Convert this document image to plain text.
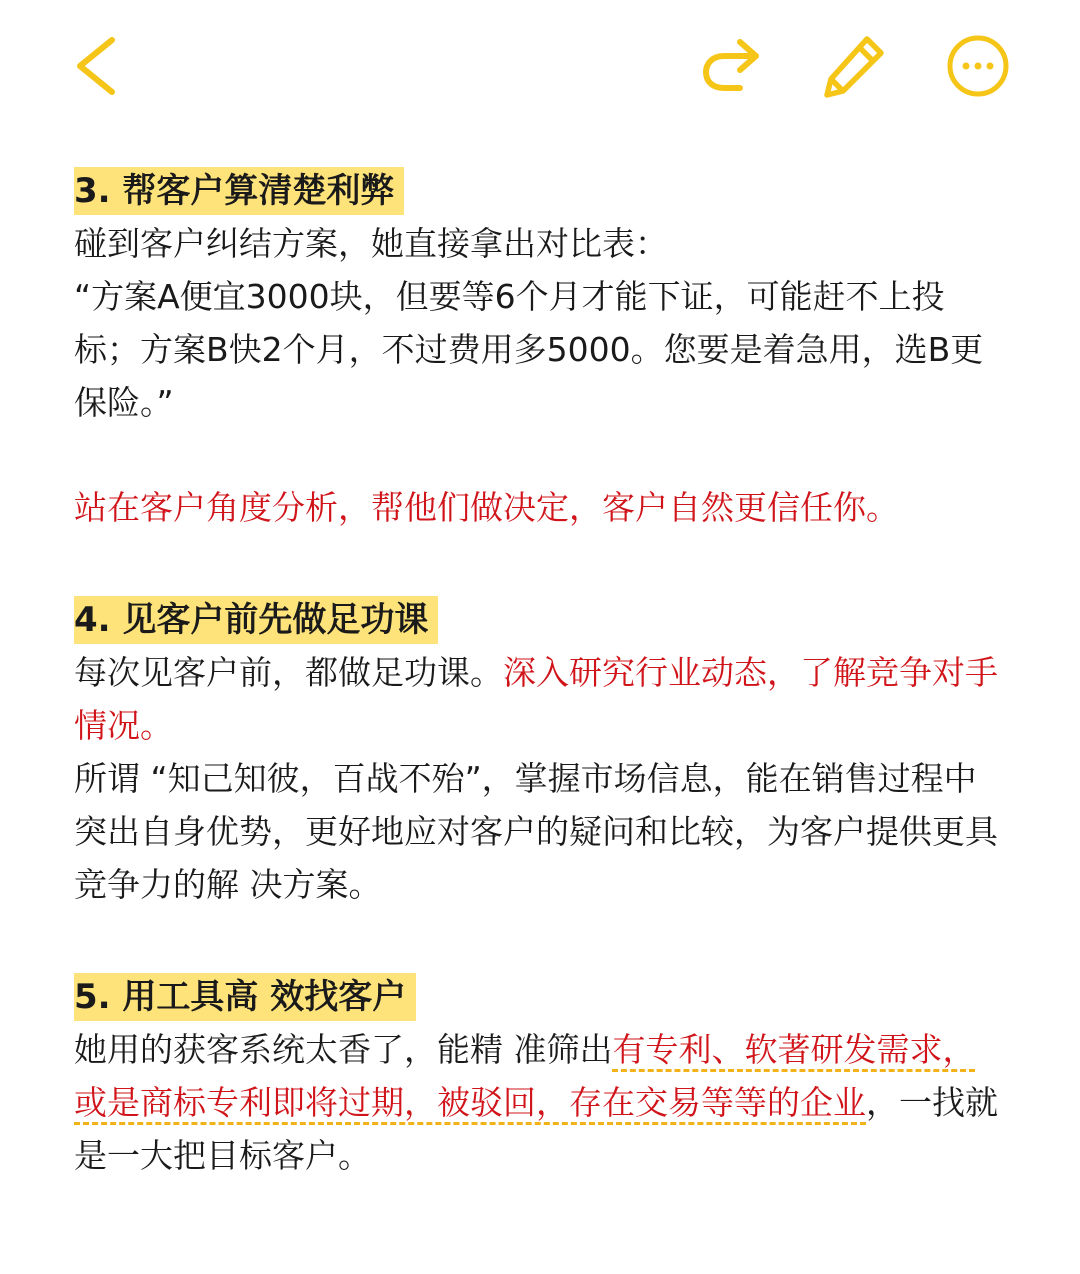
3. 帮客户算清楚利弊

碰到客户纠结方案，她直接拿出对比表：

“方案A便宜3000块，但要等6个月才能下证，可能赶不上投标；方案B快2个月，不过费用多5000。您要是着急用，选B更保险。”

站在客户角度分析，帮他们做决定，客户自然更信任你。

4. 见客户前先做足功课

每次见客户前，都做足功课。深入研究行业动态，了解竞争对手情况。

所谓 “知己知彼，百战不殆”，掌握市场信息，能在销售过程中突出自身优势，更好地应对客户的疑问和比较，为客户提供更具竞争力的解 决方案。

5. 用工具高 效找客户

她用的获客系统太香了，能精 准筛出有专利、软著研发需求，或是商标专利即将过期，被驳回，存在交易等等的企业，一找就是一大把目标客户。
